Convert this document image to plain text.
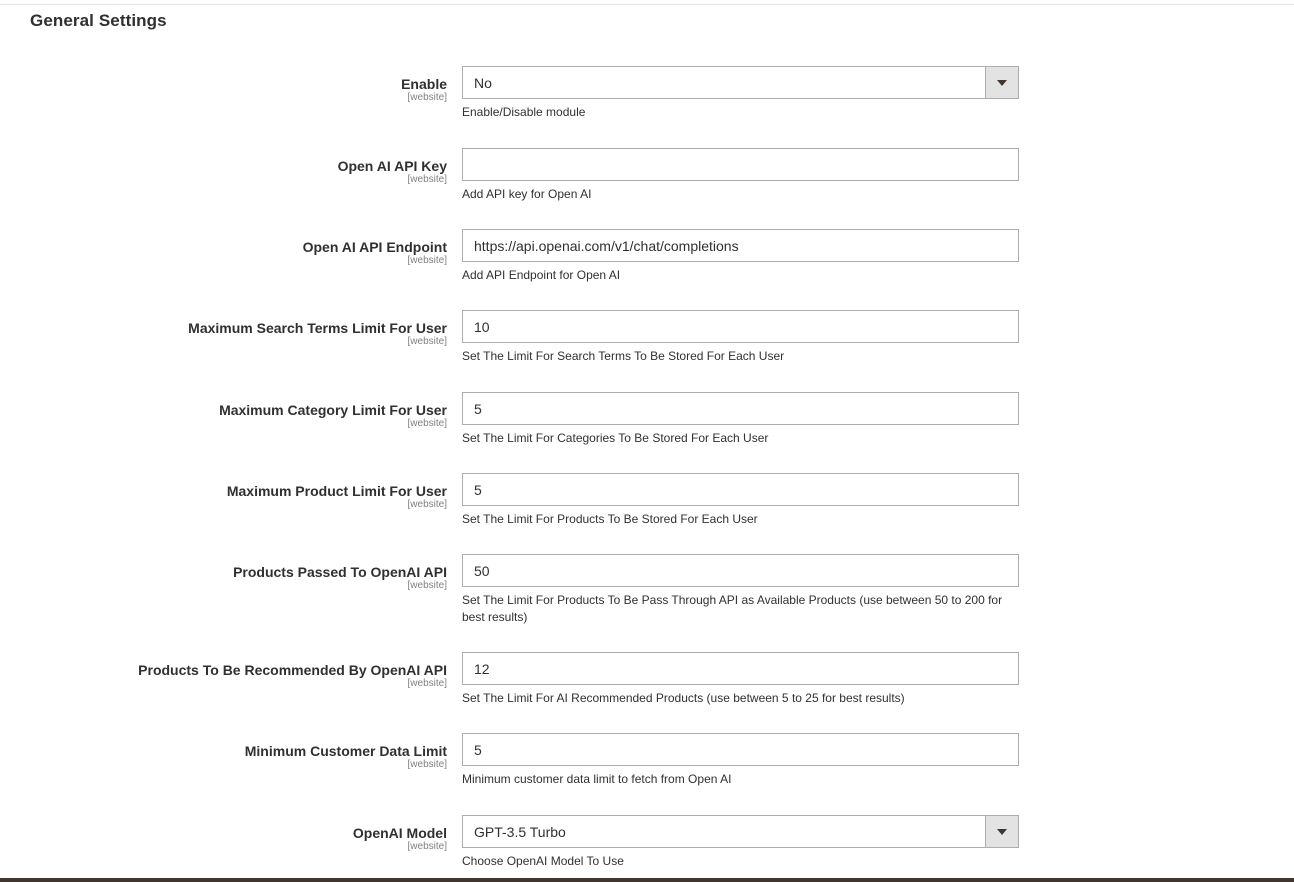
General Settings
Enable
[website]
No
Enable/Disable module
Open AI API Key
[website]
Add API key for Open AI
Open AI API Endpoint
[website]
https://api.openai.com/v1/chat/completions
Add API Endpoint for Open AI
Maximum Search Terms Limit For User
[website]
10
Set The Limit For Search Terms To Be Stored For Each User
Maximum Category Limit For User
[website]
5
Set The Limit For Categories To Be Stored For Each User
Maximum Product Limit For User
[website]
5
Set The Limit For Products To Be Stored For Each User
Products Passed To OpenAI API
[website]
50
Set The Limit For Products To Be Pass Through API as Available Products (use between 50 to 200 for best results)
Products To Be Recommended By OpenAI API
[website]
12
Set The Limit For AI Recommended Products (use between 5 to 25 for best results)
Minimum Customer Data Limit
[website]
5
Minimum customer data limit to fetch from Open AI
OpenAI Model
[website]
GPT-3.5 Turbo
Choose OpenAI Model To Use
